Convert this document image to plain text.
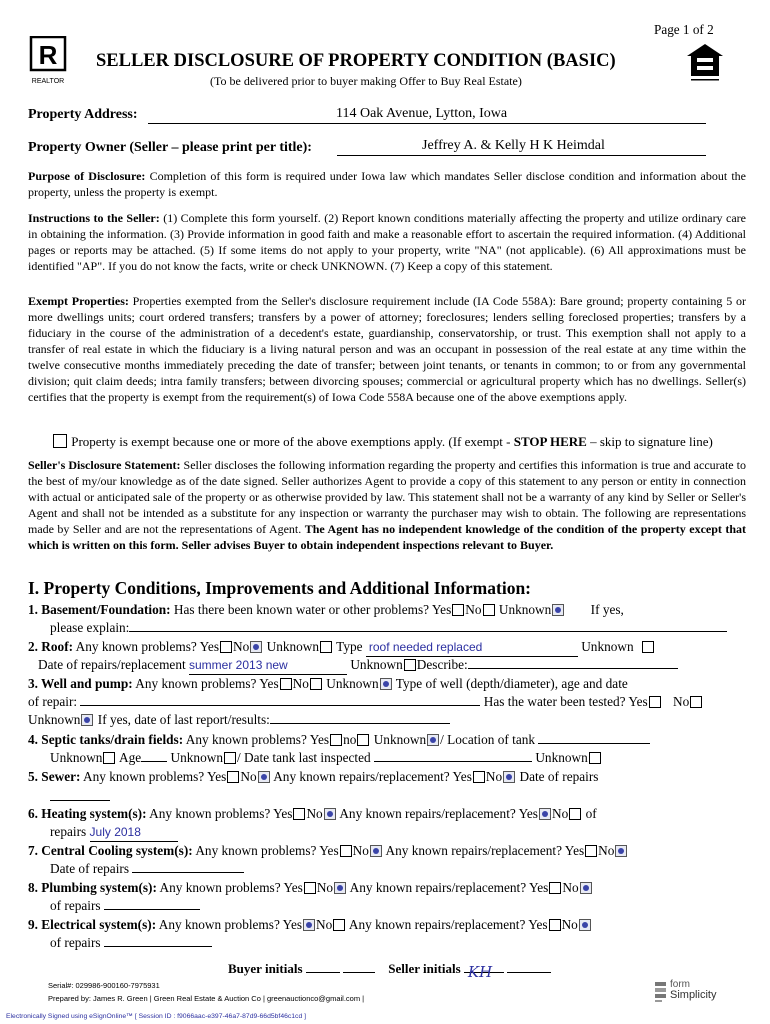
Page 1 of 2
R
REALTOR
SELLER DISCLOSURE OF PROPERTY CONDITION (BASIC)
(To be delivered prior to buyer making Offer to Buy Real Estate)
Property Address:	114 Oak Avenue, Lytton, Iowa
Property Owner (Seller – please print per title):	Jeffrey A. & Kelly H K Heimdal
Purpose of Disclosure: Completion of this form is required under Iowa law which mandates Seller disclose condition and information about the property, unless the property is exempt.
Instructions to the Seller: (1) Complete this form yourself. (2) Report known conditions materially affecting the property and utilize ordinary care in obtaining the information. (3) Provide information in good faith and make a reasonable effort to ascertain the required information. (4) Additional pages or reports may be attached. (5) If some items do not apply to your property, write "NA" (not applicable). (6) All approximations must be identified "AP". If you do not know the facts, write or check UNKNOWN. (7) Keep a copy of this statement.
Exempt Properties: Properties exempted from the Seller's disclosure requirement include (IA Code 558A): Bare ground; property containing 5 or more dwellings units; court ordered transfers; transfers by a power of attorney; foreclosures; lenders selling foreclosed properties; transfers by a fiduciary in the course of the administration of a decedent's estate, guardianship, conservatorship, or trust. This exemption shall not apply to a transfer of real estate in which the fiduciary is a living natural person and was an occupant in possession of the real estate at any time within the twelve consecutive months immediately preceding the date of transfer; between joint tenants, or tenants in common; to or from any governmental division; quit claim deeds; intra family transfers; between divorcing spouses; commercial or agricultural property which has no dwellings. Seller(s) certifies that the property is exempt from the requirement(s) of Iowa Code 558A because one of the above exemptions apply.
Property is exempt because one or more of the above exemptions apply. (If exempt - STOP HERE – skip to signature line)
Seller's Disclosure Statement: Seller discloses the following information regarding the property and certifies this information is true and accurate to the best of my/our knowledge as of the date signed. Seller authorizes Agent to provide a copy of this statement to any person or entity in connection with actual or anticipated sale of the property or as otherwise provided by law. This statement shall not be a warranty of any kind by Seller or Seller's Agent and shall not be intended as a substitute for any inspection or warranty the purchaser may wish to obtain. The following are representations made by Seller and are not the representations of Agent. The Agent has no independent knowledge of the condition of the property except that which is written on this form. Seller advises Buyer to obtain independent inspections relevant to Buyer.
I. Property Conditions, Improvements and Additional Information:
1. Basement/Foundation: Has there been known water or other problems? Yes No Unknown	If yes,
please explain:
2. Roof: Any known problems? Yes No Unknown Type roof needed replaced	Unknown
Date of repairs/replacement summer 2013 new	Unknown Describe:
3. Well and pump: Any known problems? Yes No Unknown Type of well (depth/diameter), age and date
of repair:	Has the water been tested? Yes No
Unknown If yes, date of last report/results:
4. Septic tanks/drain fields: Any known problems? Yes no Unknown / Location of tank
Unknown Age Unknown / Date tank last inspected	Unknown
5. Sewer: Any known problems? Yes No Any known repairs/replacement? Yes No Date of repairs
6. Heating system(s): Any known problems? Yes No Any known repairs/replacement? Yes No of
repairs July 2018
7. Central Cooling system(s): Any known problems? Yes No Any known repairs/replacement? Yes No
Date of repairs
8. Plumbing system(s): Any known problems? Yes No Any known repairs/replacement? Yes No
of repairs
9. Electrical system(s): Any known problems? Yes No Any known repairs/replacement? Yes No
of repairs
Buyer initials	Seller initials KH

Serial#: 029986-900160-7975931
Prepared by: James R. Green | Green Real Estate & Auction Co | greenauctionco@gmail.com |
Electronically Signed using eSignOnline™ [ Session ID : f9066aac-e397-46a7-87d9-66d5bf46c1cd ]
form
Simplicity
